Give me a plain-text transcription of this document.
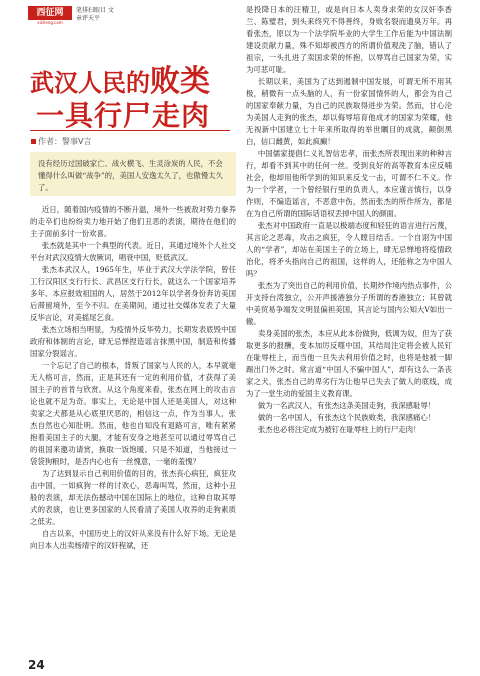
西征网
xizheng.com
笔排扫眼目 文章评天平
武汉人民的败类
一具行尸走肉
作者：警事Ⅴ言
没有经历过国破家亡、战火横飞、生灵涂炭的人民，不会懂得什么叫做“战争”的，美国人安逸太久了，也傲慢太久了。

近日，随着国内疫情的不断升温，境外一些被敌对势力豢养的走卒们也纷纷卖力地开始了他们丑恶的表演，期待在他们的主子面前多讨一份欢喜。

张杰就是其中一个典型的代表。近日，其通过境外个人社交平台对武汉疫情大放厥词，唱衰中国，贬低武汉。

张杰本武汉人，1965年生，毕业于武汉大学法学院，曾任工行汉阳区支行行长、武昌区支行行长，就这么一个国家培养多年、本应报效祖国的人，居然于2012年以学者身份奔访美国后滞留境外，至今不归。在美期间，通过社交媒体发表了大量反华言论，对美摇尾乞食。

张杰立场相当明显，为疫情外反华势力，长期发表底毁中国政府和体制的言论，肆无忌惮捏造谣言抹黑中国，制造和传播国家分裂谣言。

一个忘记了自己的根本，背叛了国家与人民的人，本早就毫无人格可言，然而，正是其还有一定的利用价值，才获得了美国主子的首肯与欣赏。从这个角度来看，张杰在网上的攻击言论也就不足为奇。事实上，无论是中国人还是美国人，对这种卖家之犬都是从心底里厌恶的，相信这一点，作为当事人，张杰自然也心知肚明。然而，他也自知没有退路可言，唯有紧紧抱着美国主子的大腿，才能有安身之地甚至可以通过辱骂自己的祖国来邀功请赏，换取一饭饱暖。只是不知道，当他接过一袋袋狗粮时，是否内心也有一丝愧意，一毫的羞愧？

为了达到显示自己利用价值的目的，张杰丧心病狂，疯狂攻击中国，一如疯狗一样的讨欢心，恶毒叫骂，然而，这种小丑般的表演，却无法伤撼动中国在国际上的地位，这种自取其辱式的表演，也让更多国家的人民看清了美国人收养的走狗素质之低劣。

自古以来，中国历史上的汉奸从来没有什么好下场。无论是向日本人出卖杨靖宇的汉奸程斌，还

是投降日本的汪精卫，或是向日本人卖身求荣的女汉奸李香兰、陈璧君，到头来终究不得善终，身败名裂而遗臭万年。再看张杰，原以为一个法学院毕业的大学生工作后能为中国法制建设贡献力量，殊不知却被西方的所谓价值观洗了脑，错认了祖宗，一头扎进了卖国求荣的怀抱，以辱骂自己国家为荣，实为可悲可耻。

长期以来，美国为了达到遏制中国发展，可谓无所不用其极，稍微有一点头脑的人，有一份家国情怀的人，都会为自己的国家奉献力量，为自己的民族取得进步为荣。然而，甘心沦为美国人走狗的张杰，却以侮辱培育他成才的国家为荣耀，他无视新中国建立七十年来所取得的举世瞩目的成就，颠倒黑白，信口雌黄，如此疯癫！

中国儒家提倡仁义礼智信忠孝，而张杰所表现出来的种种言行，却看不到其中的任何一丝。受到良好的高等教育本应反哺社会，他却用他所学到的知识来反戈一击，可谓不仁不义。作为一个学者，一个曾经银行里的负责人，本应谨言慎行，以身作则，不编造谣言，不恶意中伤，然而张杰的所作所为，都是在为自己所谓的国际话语权丢掉中国人的颜面。

张杰对中国政府一直是以极端态度和轻狂的语言进行污蔑，其言论之恶毒，攻击之疯狂，令人瞠目结舌。一个自诩为中国人的“学者”，却站在美国主子的立场上，肆无忌惮地将疫情政治化，将矛头指向自己的祖国，这样的人，还能称之为中国人吗？

张杰为了突出自己的利用价值，长期炒作境内热点事件，公开支持台湾独立，公开声援港独分子所谓的香港独立；其曾就中美贸易争端发文明显偏袒美国，其言论与国内公知大V如出一辙。

卖身美国的张杰，本应从此本份做狗，低调为奴，但为了获取更多的报酬，变本加厉反噬中国，其结局注定将会被人民钉在耻辱柱上，而当他一旦失去利用价值之时，也将是他被一脚踢出门外之时。常言道“中国人不骗中国人”，却有这么一条丧家之犬，张杰自己的卑劣行为让他早已失去了做人的底线，成为了一堂生动的爱国主义教育课。

做为一名武汉人，有张杰这条美国走狗，我深感耻辱！

做的一名中国人，有张杰这个民族败类，我深感痛心！

张杰也必将注定成为被钉在耻辱柱上的行尸走肉！

24
